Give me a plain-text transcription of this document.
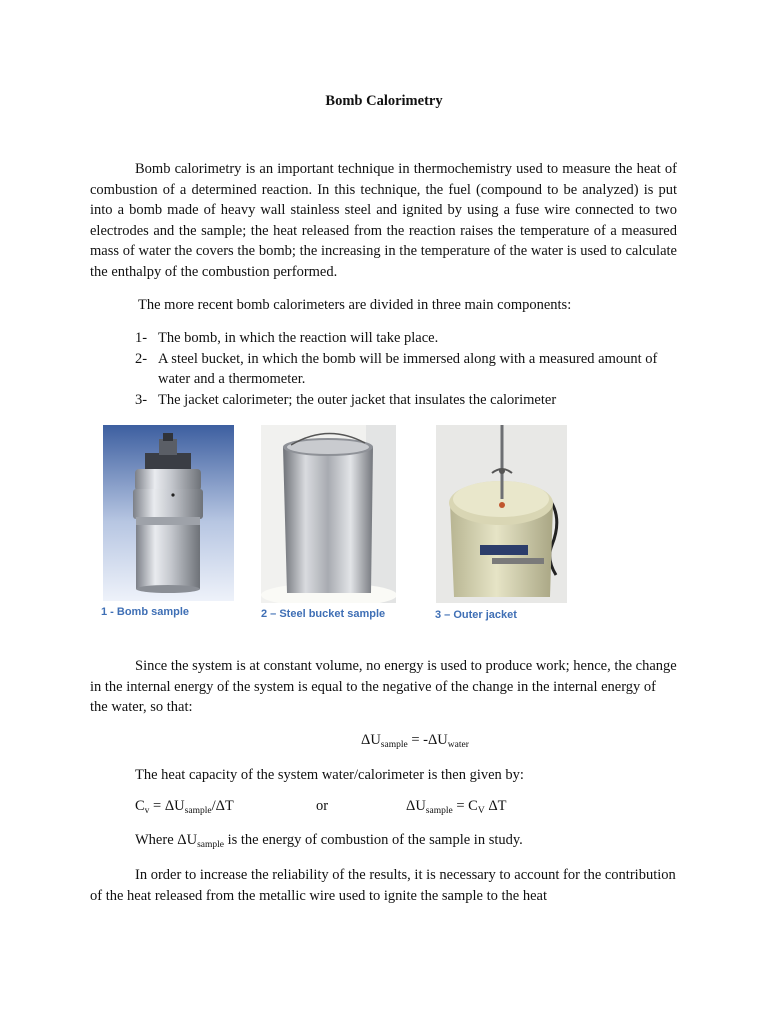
Bomb Calorimetry

Bomb calorimetry is an important technique in thermochemistry used to measure the heat of combustion of a determined reaction. In this technique, the fuel (compound to be analyzed) is put into a bomb made of heavy wall stainless steel and ignited by using a fuse wire connected to two electrodes and the sample; the heat released from the reaction raises the temperature of a measured mass of water the covers the bomb; the increasing in the temperature of the water is used to calculate the enthalpy of the combustion performed.

The more recent bomb calorimeters are divided in three main components:

1- The bomb, in which the reaction will take place.
2- A steel bucket, in which the bomb will be immersed along with a measured amount of water and a thermometer.
3- The jacket calorimeter; the outer jacket that insulates the calorimeter
1 - Bomb sample	2 – Steel bucket sample	3 – Outer jacket

Since the system is at constant volume, no energy is used to produce work; hence, the change in the internal energy of the system is equal to the negative of the change in the internal energy of the water, so that:

$\Delta U_{sample} = -\Delta U_{water}$

The heat capacity of the system water/calorimeter is then given by:

$C_v = \Delta U_{sample}/\Delta T$	or	$\Delta U_{sample} = C_V$ ΔT
Where $\Delta U_{sample}$ is the energy of combustion of the sample in study.

In order to increase the reliability of the results, it is necessary to account for the contribution of the heat released from the metallic wire used to ignite the sample to the heat
